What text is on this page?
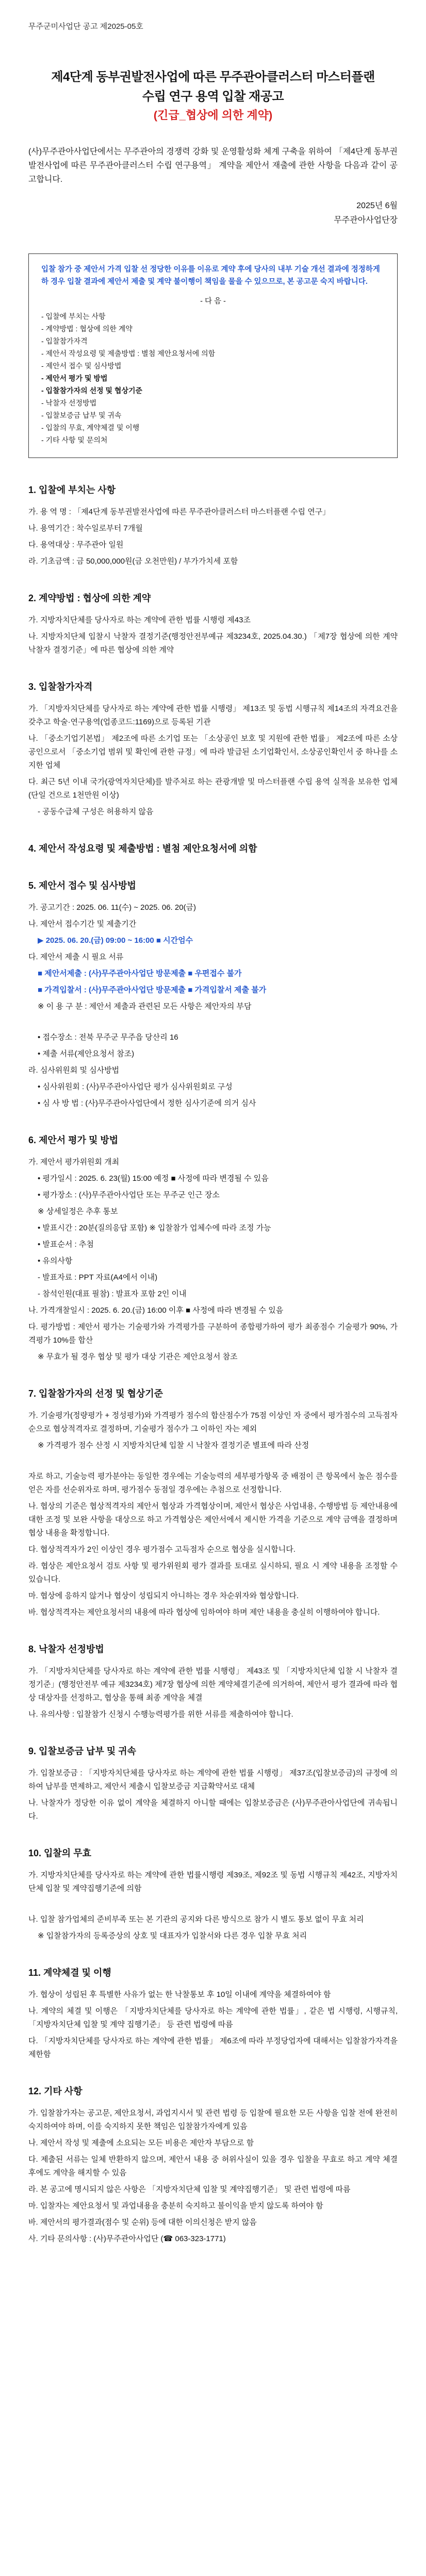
무주군미사업단 공고 제2025-05호
제4단계 동부권발전사업에 따른 무주관아클러스터 마스터플랜
수립 연구 용역 입찰 재공고
(긴급_협상에 의한 계약)
(사)무주관아사업단에서는 무주관아의 경쟁력 강화 및 운영활성화 체계 구축을 위하여 「제4단계 동부권발전사업에 따른 무주관아클러스터 수립 연구용역」 계약을 제안서 재출에 관한 사항을 다음과 같이 공고합니다.
2025년 6월
무주관아사업단장
입찰 참가 중 제안서 가격 입찰 선 정당한 이유를 이유로 계약 후에 당사의 내부 기술 개선 결과에 정정하게 하 경우 입찰 결과에 제안서 제출 및 계약 불이행이 책임을 물을 수 있으므로, 본 공고문 숙지 바랍니다.
- 다 음 -
- 입찰에 부치는 사항
- 계약방법 : 협상에 의한 계약
- 입찰참가자격
- 제안서 작성요령 및 제출방법 : 별첨 제안요청서에 의함
- 제안서 접수 및 심사방법
- 제안서 평가 및 방법
- 입찰참가자의 선정 및 협상기준
- 낙찰자 선정방법
- 입찰보증금 납부 및 귀속
- 입찰의 무효, 계약체결 및 이행
- 기타 사항 및 문의처
1. 입찰에 부치는 사항
가. 용 역 명 : 「제4단계 동부권발전사업에 따른 무주관아클러스터 마스터플랜 수립 연구」
나. 용역기간 : 착수일로부터 7개월
다. 용역대상 : 무주관아 일원
라. 기초금액 : 금 50,000,000원(금 오천만원) / 부가가치세 포함
2. 계약방법 : 협상에 의한 계약
가. 지방자치단체를 당사자로 하는 계약에 관한 법률 시행령 제43조
나. 지방자치단체 입찰시 낙찰자 결정기준(행정안전부예규 제3234호, 2025.04.30.) 「제7장 협상에 의한 계약 낙찰자 결정기준」에 따른 협상에 의한 계약
3. 입찰참가자격
가. 「지방자치단체를 당사자로 하는 계약에 관한 법률 시행령」 제13조 및 동법 시행규칙 제14조의 자격요건을 갖추고 학술·연구용역(업종코드:1169)으로 등록된 기관
나. 「중소기업기본법」 제2조에 따른 소기업 또는 「소상공인 보호 및 지원에 관한 법률」 제2조에 따른 소상공인으로서 「중소기업 범위 및 확인에 관한 규정」에 따라 발급된 소기업확인서, 소상공인확인서 중 하나를 소지한 업체
다. 최근 5년 이내 국가(광역자치단체)를 발주처로 하는 관광개발 및 마스터플랜 수립 용역 실적을 보유한 업체(단일 건으로 1천만원 이상)
- 공동수급체 구성은 허용하지 않음
4. 제안서 작성요령 및 제출방법 : 별첨 제안요청서에 의함
5. 제안서 접수 및 심사방법
가. 공고기간 : 2025. 06. 11(수) ~ 2025. 06. 20(금)
나. 제안서 접수기간 및 제출기간
▶ 2025. 06. 20.(금) 09:00 ~ 16:00 ■ 시간엄수
다. 제안서 제출 시 필요 서류
■ 제안서제출 : (사)무주관아사업단 방문제출 ■ 우편접수 불가
■ 가격입찰서 : (사)무주관아사업단 방문제출 ■ 가격입찰서 제출 불가
※ 이 용 구 분 : 제안서 제출과 관련된 모든 사항은 제안자의 부담
• 접수장소 : 전북 무주군 무주읍 당산리 16
• 제출 서류(제안요청서 참조)
라. 심사위원회 및 심사방법
• 심사위원회 : (사)무주관아사업단 평가 심사위원회로 구성
• 심 사 방 법 : (사)무주관아사업단에서 정한 심사기준에 의거 심사
6. 제안서 평가 및 방법
가. 제안서 평가위원회 개최
• 평가일시 : 2025. 6. 23(월) 15:00 예정 ■ 사정에 따라 변경될 수 있음
• 평가장소 : (사)무주관아사업단 또는 무주군 인근 장소
※ 상세일정은 추후 통보
• 발표시간 : 20분(질의응답 포함) ※ 입찰참가 업체수에 따라 조정 가능
• 발표순서 : 추첨
• 유의사항
- 발표자료 : PPT 자료(A4에서 이내)
- 참석인원(대표 필참) : 발표자 포함 2인 이내
나. 가격개찰일시 : 2025. 6. 20.(금) 16:00 이후 ■ 사정에 따라 변경될 수 있음
다. 평가방법 : 제안서 평가는 기술평가와 가격평가를 구분하여 종합평가하여 평가 최종점수 기술평가 90%, 가격평가 10%를 합산
※ 무효가 될 경우 협상 및 평가 대상 기관은 제안요청서 참조
7. 입찰참가자의 선정 및 협상기준
가. 기술평가(정량평가 + 정성평가)와 가격평가 점수의 합산점수가 75점 이상인 자 중에서 평가점수의 고득점자 순으로 협상적격자로 결정하며, 기술평가 점수가 그 이하인 자는 제외
※ 가격평가 점수 산정 시 지방자치단체 입찰 시 낙찰자 결정기준 별표에 따라 산정
자로 하고, 기술능력 평가분야는 동일한 경우에는 기술능력의 세부평가항목 중 배점이 큰 항목에서 높은 점수를 얻은 자를 선순위자로 하며, 평가점수 동점일 경우에는 추첨으로 선정합니다.
나. 협상의 기준은 협상적격자의 제안서 협상과 가격협상이며, 제안서 협상은 사업내용, 수행방법 등 제안내용에 대한 조정 및 보완 사항을 대상으로 하고 가격협상은 제안서에서 제시한 가격을 기준으로 계약 금액을 결정하며 협상 내용을 확정합니다.
다. 협상적격자가 2인 이상인 경우 평가점수 고득점자 순으로 협상을 실시합니다.
라. 협상은 제안요청서 검토 사항 및 평가위원회 평가 결과를 토대로 실시하되, 필요 시 계약 내용을 조정할 수 있습니다.
마. 협상에 응하지 않거나 협상이 성립되지 아니하는 경우 차순위자와 협상합니다.
바. 협상적격자는 제안요청서의 내용에 따라 협상에 임하여야 하며 제안 내용을 충실히 이행하여야 합니다.
8. 낙찰자 선정방법
가. 「지방자치단체를 당사자로 하는 계약에 관한 법률 시행령」 제43조 및 「지방자치단체 입찰 시 낙찰자 결정기준」(행정안전부 예규 제3234호) 제7장 협상에 의한 계약체결기준에 의거하여, 제안서 평가 결과에 따라 협상 대상자를 선정하고, 협상을 통해 최종 계약을 체결
나. 유의사항 : 입찰참가 신청시 수행능력평가를 위한 서류를 제출하여야 합니다.
9. 입찰보증금 납부 및 귀속
가. 입찰보증금 : 「지방자치단체를 당사자로 하는 계약에 관한 법률 시행령」 제37조(입찰보증금)의 규정에 의하여 납부를 면제하고, 제안서 제출시 입찰보증금 지급확약서로 대체
나. 낙찰자가 정당한 이유 없이 계약을 체결하지 아니할 때에는 입찰보증금은 (사)무주관아사업단에 귀속됩니다.
10. 입찰의 무효
가. 지방자치단체를 당사자로 하는 계약에 관한 법률시행령 제39조, 제92조 및 동법 시행규칙 제42조, 지방자치단체 입찰 및 계약집행기준에 의함
나. 입찰 참가업체의 준비부족 또는 본 기관의 공지와 다른 방식으로 참가 시 별도 통보 없이 무효 처리
※ 입찰참가자의 등록증상의 상호 및 대표자가 입찰서와 다른 경우 입찰 무효 처리
11. 계약체결 및 이행
가. 협상이 성립된 후 특별한 사유가 없는 한 낙찰통보 후 10일 이내에 계약을 체결하여야 함
나. 계약의 체결 및 이행은 「지방자치단체를 당사자로 하는 계약에 관한 법률」, 같은 법 시행령, 시행규칙, 「지방자치단체 입찰 및 계약 집행기준」 등 관련 법령에 따름
다. 「지방자치단체를 당사자로 하는 계약에 관한 법률」 제6조에 따라 부정당업자에 대해서는 입찰참가자격을 제한함
12. 기타 사항
가. 입찰참가자는 공고문, 제안요청서, 과업지시서 및 관련 법령 등 입찰에 필요한 모든 사항을 입찰 전에 완전히 숙지하여야 하며, 이를 숙지하지 못한 책임은 입찰참가자에게 있음
나. 제안서 작성 및 제출에 소요되는 모든 비용은 제안자 부담으로 함
다. 제출된 서류는 일체 반환하지 않으며, 제안서 내용 중 허위사실이 있을 경우 입찰을 무효로 하고 계약 체결 후에도 계약을 해지할 수 있음
라. 본 공고에 명시되지 않은 사항은 「지방자치단체 입찰 및 계약집행기준」 및 관련 법령에 따름
마. 입찰자는 제안요청서 및 과업내용을 충분히 숙지하고 불이익을 받지 않도록 하여야 함
바. 제안서의 평가결과(점수 및 순위) 등에 대한 이의신청은 받지 않음
사. 기타 문의사항 : (사)무주관아사업단 (☎ 063-323-1771)
